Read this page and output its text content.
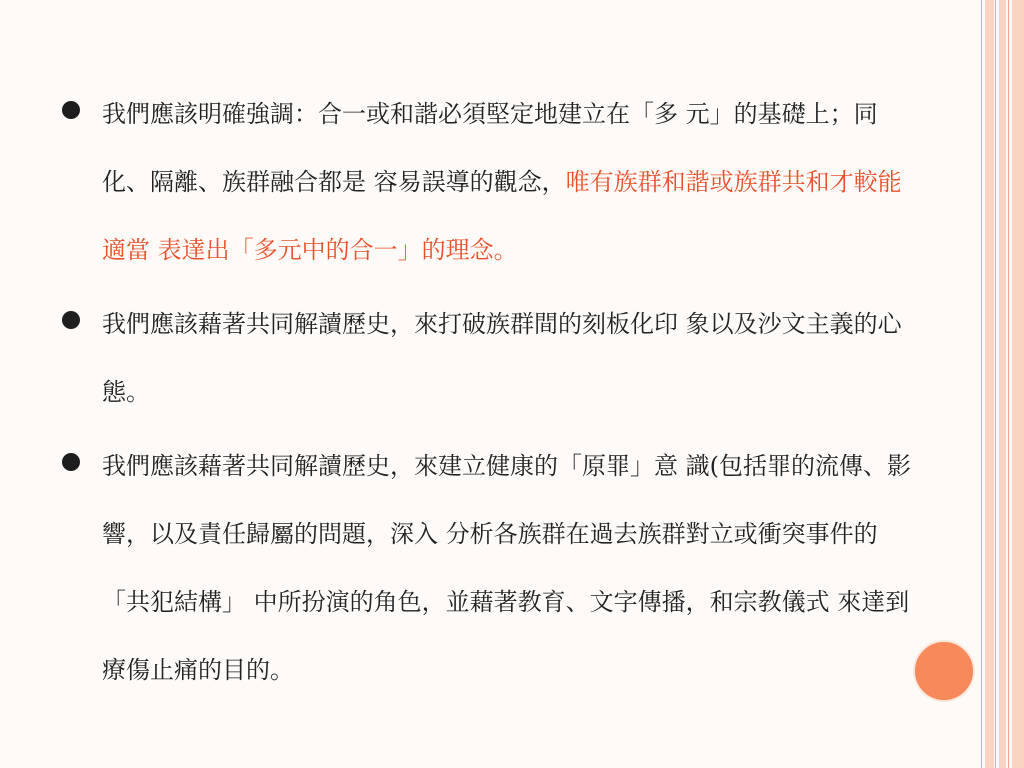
我們應該明確強調：合一或和諧必須堅定地建立在「多 元」的基礎上；同化、隔離、族群融合都是 容易誤導的觀念，唯有族群和諧或族群共和才較能適當 表達出「多元中的合一」的理念。
我們應該藉著共同解讀歷史，來打破族群間的刻板化印 象以及沙文主義的心態。
我們應該藉著共同解讀歷史，來建立健康的「原罪」意 識(包括罪的流傳、影響，以及責任歸屬的問題，深入 分析各族群在過去族群對立或衝突事件的「共犯結構」 中所扮演的角色，並藉著教育、文字傳播，和宗教儀式 來達到療傷止痛的目的。
